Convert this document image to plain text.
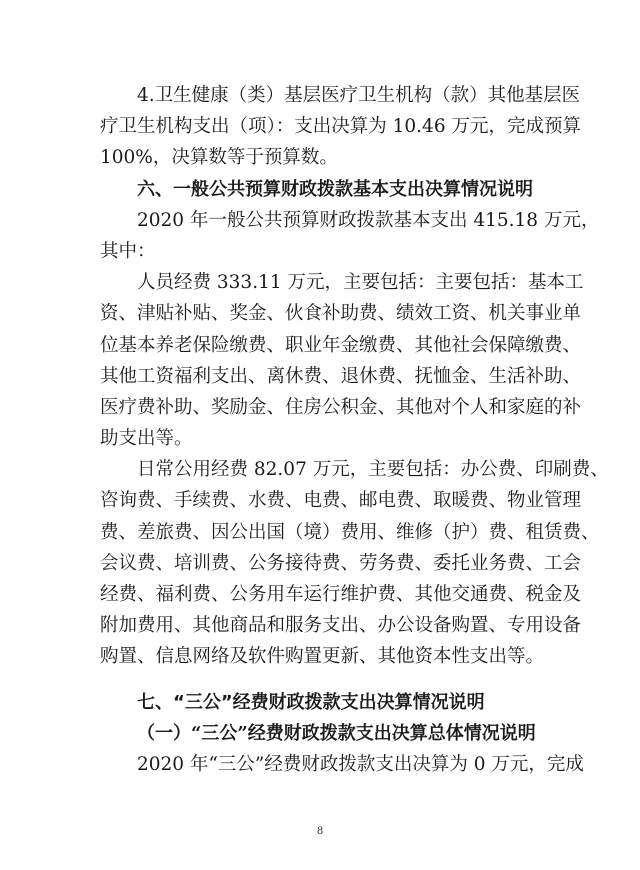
4.卫生健康（类）基层医疗卫生机构（款）其他基层医
疗卫生机构支出（项）：支出决算为 10.46 万元，完成预算
100%，决算数等于预算数。
六、一般公共预算财政拨款基本支出决算情况说明
2020 年一般公共预算财政拨款基本支出 415.18 万元，
其中：
人员经费 333.11 万元，主要包括：主要包括：基本工
资、津贴补贴、奖金、伙食补助费、绩效工资、机关事业单
位基本养老保险缴费、职业年金缴费、其他社会保障缴费、
其他工资福利支出、离休费、退休费、抚恤金、生活补助、
医疗费补助、奖励金、住房公积金、其他对个人和家庭的补
助支出等。
日常公用经费 82.07 万元，主要包括：办公费、印刷费、
咨询费、手续费、水费、电费、邮电费、取暖费、物业管理
费、差旅费、因公出国（境）费用、维修（护）费、租赁费、
会议费、培训费、公务接待费、劳务费、委托业务费、工会
经费、福利费、公务用车运行维护费、其他交通费、税金及
附加费用、其他商品和服务支出、办公设备购置、专用设备
购置、信息网络及软件购置更新、其他资本性支出等。
七、“三公”经费财政拨款支出决算情况说明
（一）“三公”经费财政拨款支出决算总体情况说明
2020 年“三公”经费财政拨款支出决算为 0 万元，完成
8
